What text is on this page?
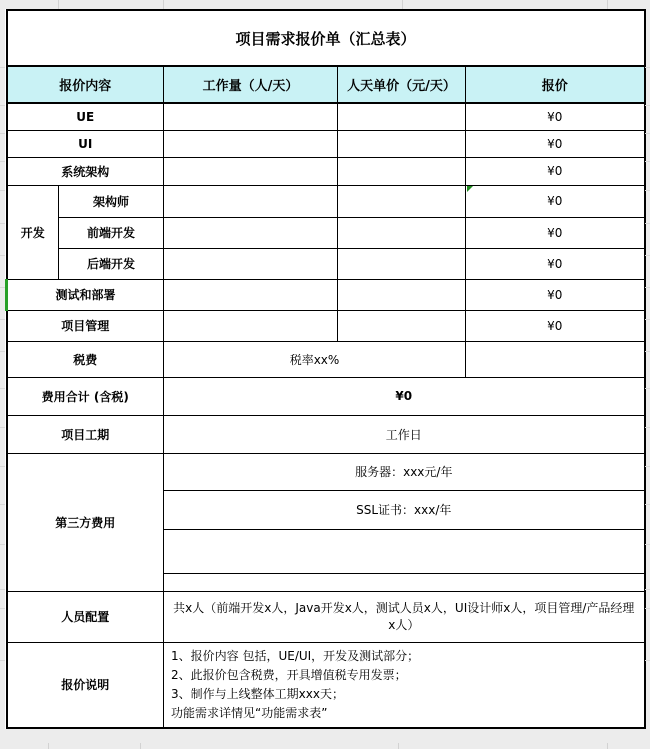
项目需求报价单（汇总表）				
报价内容		工作量（人/天）	人天单价（元/天）	报价
UE				¥0
UI				¥0
系统架构				¥0
开发	架构师			¥0
	前端开发			¥0
	后端开发			¥0
测试和部署				¥0
项目管理				¥0
税费		税率xx%		
费用合计 (含税)		¥0		
项目工期		工作日		
第三方费用		服务器：xxx元/年		
		SSL证书：xxx/年		

人员配置		共x人（前端开发x人，Java开发x人，测试人员x人，UI设计师x人，项目管理/产品经理x人）		
报价说明		1、报价内容 包括，UE/UI，开发及测试部分；
2、此报价包含税费，开具增值税专用发票；
3、制作与上线整体工期xxx天；
功能需求详情见“功能需求表”		
